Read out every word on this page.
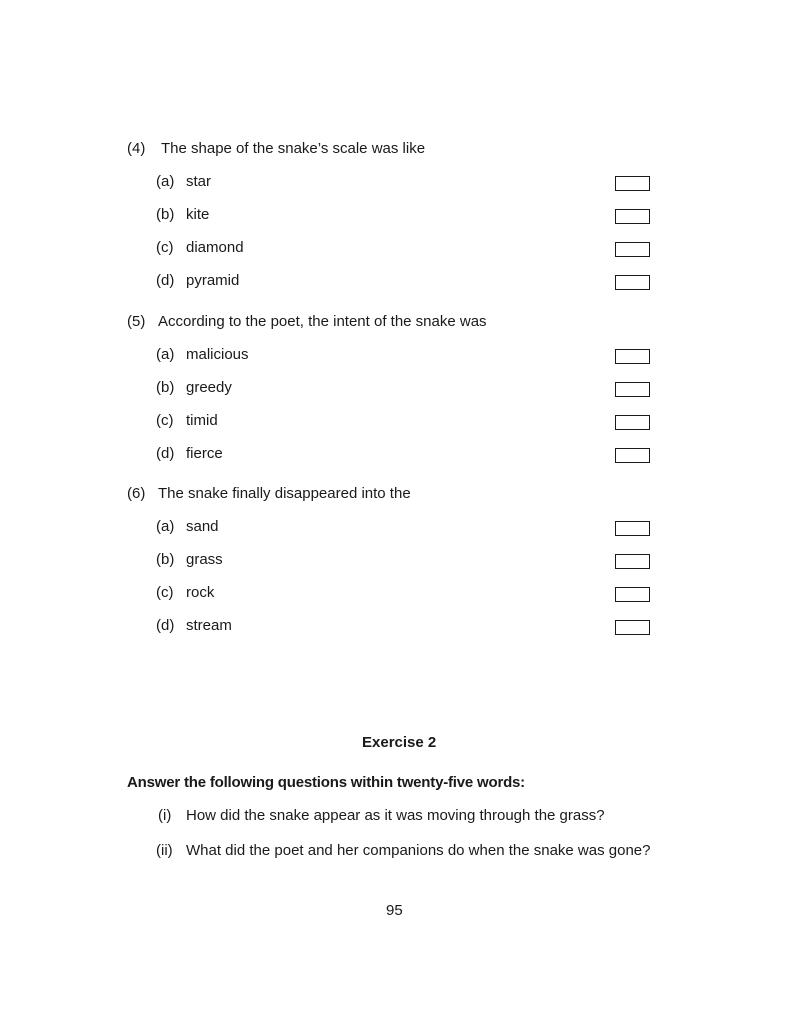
(4) The shape of the snake’s scale was like
(a) star
(b) kite
(c) diamond
(d) pyramid
(5) According to the poet, the intent of the snake was
(a) malicious
(b) greedy
(c) timid
(d) fierce
(6) The snake finally disappeared into the
(a) sand
(b) grass
(c) rock
(d) stream
Exercise 2
Answer the following questions within twenty-five words:
(i) How did the snake appear as it was moving through the grass?
(ii) What did the poet and her companions do when the snake was gone?
95
